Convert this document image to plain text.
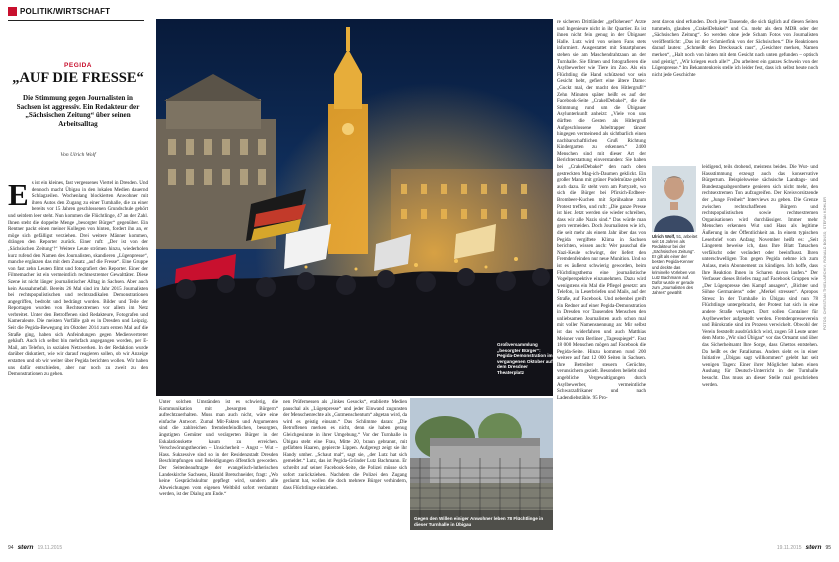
POLITIK/WIRTSCHAFT
PEGIDA
„AUF DIE FRESSE“
Die Stimmung gegen Journalisten in Sachsen ist aggressiv. Ein Redakteur der „Sächsischen Zeitung“ über seinen Arbeitsalltag
Von Ulrich Wolf
Es ist ein kleines, fast vergessenes Viertel in Dresden. Und dennoch macht Übigau in den lokalen Medien dauernd Schlagzeilen. Wochenlang blockierten Anwohner mit ihren Autos den Zugang zu einer Turnhalle, die zu einer bereits vor 15 Jahren geschlossenen Grundschule gehört und seitdem leer steht. Nun kommen die Flüchtlinge, 47 an der Zahl. Ihnen steht die doppelte Menge „besorgter Bürger“ gegenüber. Ein Rentner packt einen meiner Kollegen von hinten, fordert ihn an, er möge sich gefälligst verziehen. Drei weitere Männer kommen, drängen den Reporter zurück. Einer ruft: „Der ist von der ‚Sächsischen Zeitung‘!“ Weitere Leute strömen hinzu, wiederholen kurz rufend den Namen des Journalisten, skandieren „Lügenpresse“, manche ergänzen das mit dem Zusatz „auf die Fresse“. Eine Gruppe von fast zehn Leuten filmt und fotografiert den Reporter. Einer der Filmemacher ist ein vermeintlich rechtsextremer Gewalttäter. Diese Szene ist nicht länger journalistischer Alltag in Sachsen. Aber auch kein Ausnahmefall. Bereits 26 Mal sind im Jahr 2015 Journalisten bei rechtspopulistischen und rechtsradikalen Demonstrationen angegriffen, bedroht und bedrängt worden. Bilder und Teile der Reportagen wurden von Rechtsextremen vor allem im Netz verbreitet. Unter den Betroffenen sind Redakteure, Fotografen und Kameraleute. Die meisten Vorfälle gab es in Dresden und Leipzig. Seit die Pegida-Bewegung im Oktober 2014 zum ersten Mal auf die Straße ging, haben sich Anfeindungen gegen Medienvertreter gehäuft. Auch ich selbst bin mehrfach angegangen worden, per E-Mail, am Telefon, in sozialen Netzwerken. In der Redaktion wurde darüber diskutiert, wie wir darauf reagieren sollen, ob wir Anzeige erstatten und ob wir weiter über Pegida berichten wollen. Wir haben uns dafür entschieden, aber nur noch zu zweit zu den Demonstrationen zu gehen.

Unter solchen Umständen ist es schwierig, die Kommunikation mit „besorgten Bürgern“ aufrechtzuerhalten. Muss man auch nicht, wäre eine einfache Antwort. Zumal Mit-Fakten und Argumenten sind die zahlreichen fremdenfeindlichen, besorgten, ängstigten Gemüter und verärgerten Bürger in der Eskalationskette kaum zu erreichen. Verschwörungstheorien – Unsicherheit – Angst – Wut – Hass. Sukzessive sind so in der Residenzstadt Dresden Beschimpfungen und Beleidigungen öffentlich geworden. Der Seitenbeauftragte der evangelisch-lutherischen Landeskirche Sachsens, Harald Bretschneider, fragt: „Wo keine Gesprächskultur gepflegt wird, sondern alle Abweichungen vom eigenen Weltbild sofort verdammt werden, ist der Dialog am Ende.“

nen Prüfernessen als „linkes Gesocks“, etablierte Medien pauschal als „Lügenpresse“ und jeder Einwand zugunsten der Menschenrechte als „Gutmenschentum“ abgetan wird, da wird es geistig einsam.“ Das Schlimme daran: „Die Betroffenen merken es nicht, denn sie haben genug Gleichgesinnte in ihrer Umgebung.“ Vor der Turnhalle in Übigau steht eine Frau, Mitte 20, braun gebrannt, mit gefärbten Haaren, gepiercte Lippen. Aufgeregt zeigt sie ihr Handy umher. „Schaut mal“, sagt sie, „der Lutz hat sich gemeldet.“ Lutz, das ist Pegida-Gründer Lutz Bachmann. Er schreibt auf seiner Facebook-Seite, die Polizei müsse sich sofort zurückziehen. Nachdem die Polizei den Zugang geräumt hat, wollen die doch mehrere Bürger verhindern, dass Flüchtlinge einziehen.

re sicheren Drittländer „geflohenen“ Ärzte und Ingenieure nicht in ihr Quartier. Es ist ihnen nicht fein genug in der Übigauer Halle. Lutz wird von seinen Fans stets informiert. Ausgestattet mit Smartphones stehen sie am Maschendrahtzaun an der Turnhalle. Sie filmen und fotografieren die Asylbewerber wie Tiere im Zoo. Als ein Flüchtling die Hand schützend vor sein Gesicht hebt, gefiert eine ältere Dame: „Guckt mal, der macht den Hitlergruß!“ Zehn Minuten später heißt es auf der Facebook-Seite „CrakelDebakel“, die die Stimmung rund um die Übigauer Asylunterkunft anheizt: „Viele von uns dürften die Gesten als Hitlergruß Aufgeschlossene Jubeltrapper tänzer hingegen vermeinend als sichtbarlich einen nachbarschaftlichen Gruß Richtung Kindergarten zu erkennen.“ 2400 Menschen sind mit dieser Art der Berichterstattung einverstanden: Sie haben bei „CrakelDebakel“ den nach oben gestreckten Mag-ich-Daumen geklickt. Ein großer Mann mit grüner Pudelmütze gehört auch dazu. Er steht vorn am Partyzelt, wo sich die Bürger bei Pfirsich-Erdbeer-Brombeer-Kuchen mit Sprühsahne zum Protest treffen, und ruft: „Die ganze Presse ist hier. Jetzt werden sie wieder schreiben, dass wir alle Nazis sind.“ Das würde man gern vermeiden. Doch Journalisten wie ich, die seit mehr als einem Jahr über das von Pegida vergiftete Klima in Sachsen berichten, wissen auch: Wer pauschal die Nazi-Keule schwingt, der liefert den Fremdenfeinden nur neue Munition. Und so ist es äußerst schwierig geworden, beim Flüchtlingsthema eine journalistische Vogelperspektive einzunehmen. Dazu wird wenigstens ein Mal die Pflegel gesetzt: am Telefon, in Leserbriefen und Mails, auf der Straße, auf Facebook. Und nebenbei greift ein Redner auf einer Pegida-Demonstration in Dresden vor Tausenden Menschen den unliebsamen Journalisten auch schon mal mit voller Namensnennung an: Mir selbst ist das widerfahren und auch Matthias Meisner vom Berliner „Tagesspiegel“. Fast 18 000 Menschen mögen auf Facebook die Pegida-Seite. Hinzu kommen rund 200 weitere auf fast 12 000 Seiten in Sachsen. Ihre Betreiber steuern Gerüchte, verunsichern gezielt. Besonders beliebt sind angebliche Vergewaltigungen durch Asylbewerber, vermeintliche Schwarzafrikaner und nach Ladendiebstähle. 95 Pro-

zent davon sind erfunden. Doch jene Tausende, die sich täglich auf diesen Seiten tummeln, glauben „CrakelDebakel“ und Co. mehr als dem MDR oder der „Sächsischen Zeitung“. So werden ohne jede Scham Fotos von Journalisten veröffentlicht: „Das ist der Schmierfink von der Sächsischen.“ Die Reaktionen darauf lauten: „Schmeißt den Dreckssack raus“, „Gesichter merken, Namen merken“, „Halt noch von hinten mit dem Gesicht nach unten gefunden – optisch und geistig“, „Wir kriegen euch alle!“ „Du arbeitest ein ganzes Schwein von der Lügenpresse.“ Im Bekanntenkreis stelle ich leider fest, dass ich selbst heute noch nicht jede Geschichte

leidigend, teils drohend, meistens beides. Die Wut- und Hassstimmung erzeugt auch das konservative Bürgertum. Beispielsweise sächsische Landtags- und Bundestagsabgeordnete genieren sich nicht mehr, den rechtsextremen Ton aufzugreifen. Der Kreisvorsitzende der „Junge Freiheit“ Interviews zu geben. Die Grenze zwischen rechtschaffenen Bürgern und rechtspopulistischen sowie rechtsextremen Organisationen wird durchlässiger. Immer mehr Menschen erkennen Wut und Hass als legitime Äußerung in der Öffentlichkeit an. In einem typischen Leserbrief vom Anfang November heißt es: „Seit Längerem beweise ich, dass Ihre Blatt Tatsachen verfälscht oder verändert oder beeinflusst. Ihren unterschwelligen Ton gegen Pegida nehme ich zum Anlass, mein Abonnement zu kündigen. Ich hoffe, dass Ihre Reaktion Ihnen in Scharen davon laufen.“ Der Verfasser dieses Briefes mag auf Facebook Gruppen wie „Der Lügenpresse den Kampf ansagen“, „Bichter und Söhne Germaniens“ oder „Merkel stressen“. Apropos Stress: In der Turnhalle in Übigau sind nun 78 Flüchtlinge untergebracht, der Protest hat sich in eine andere Straße verlagert. Dort sollen Container für Asylbewerber aufgestellt werden. Fremdenpresseverein und Bürokratie sind im Prozess verwickelt. Obwohl der Verein feststellt ausdrücklich wird, zogen 50 Leute unter dem Motto „Wir sind Übigau“ vor das Ortsamt und über das Sicherheitsamt Ihre Sorge, dass Ghettos entstehen. Da heißt es der Fatalismus. Anders sieht es in einer Initiative „Übigau sagt willkommen“ gelebt hat seit wenigen Tagen: Einer ihrer Möglicher haben einen Aushang für Deutsch-Unterricht in der Turnhalle besucht. Das muss an dieser Stelle mal geschrieben werden.

Großversammlung „besorgter Bürger“: Pegida-Demonstration im vergangenen Oktober auf dem Dresdner Theaterplatz
Gegen den Willen einiger Anwohner leben 78 Flüchtlinge in dieser Turnhalle in Übigau
Ulrich Wolf, 51, arbeitet seit 16 Jahren als Redakteur bei der „Sächsischen Zeitung“. Er gilt als einer der besten Pegida-Kenner und deckte das kriminelle Vorleben von Lutz Bachmann auf. Dafür wurde er gerade zum „Journalisten des Jahres“ gewählt	FOTOS: CHRISTIAN THIEL/ARCHIV; RONALD BONSS; STEFAN KÖHLER
94 stern 19.11.2015	19.11.2015 stern 95
